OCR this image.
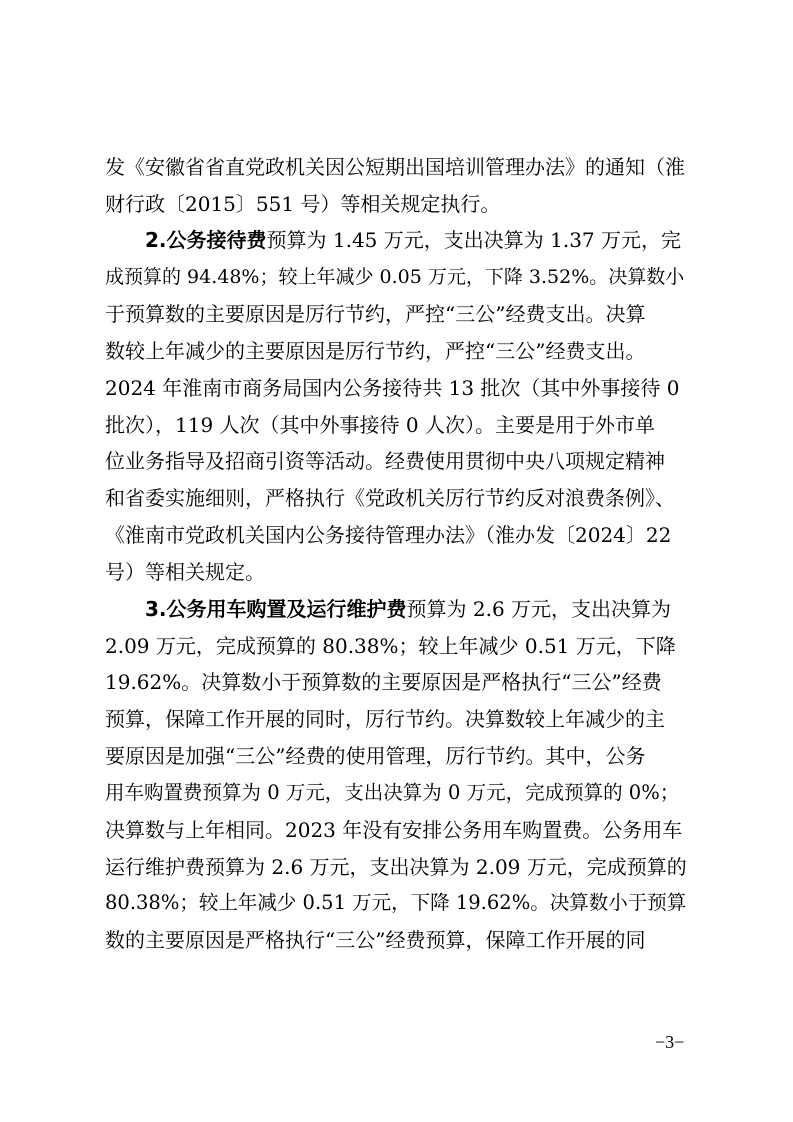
发《安徽省省直党政机关因公短期出国培训管理办法》的通知（淮
财行政〔2015〕551 号）等相关规定执行。
2.公务接待费预算为 1.45 万元，支出决算为 1.37 万元，完
成预算的 94.48%；较上年减少 0.05 万元，下降 3.52%。决算数小
于预算数的主要原因是厉行节约，严控“三公”经费支出。决算
数较上年减少的主要原因是厉行节约，严控“三公”经费支出。
2024 年淮南市商务局国内公务接待共 13 批次（其中外事接待 0
批次），119 人次（其中外事接待 0 人次）。主要是用于外市单
位业务指导及招商引资等活动。经费使用贯彻中央八项规定精神
和省委实施细则，严格执行《党政机关厉行节约反对浪费条例》、
《淮南市党政机关国内公务接待管理办法》（淮办发〔2024〕22
号）等相关规定。
3.公务用车购置及运行维护费预算为 2.6 万元，支出决算为
2.09 万元，完成预算的 80.38%；较上年减少 0.51 万元，下降
19.62%。决算数小于预算数的主要原因是严格执行“三公”经费
预算，保障工作开展的同时，厉行节约。决算数较上年减少的主
要原因是加强“三公”经费的使用管理，厉行节约。其中，公务
用车购置费预算为 0 万元，支出决算为 0 万元，完成预算的 0%；
决算数与上年相同。2023 年没有安排公务用车购置费。公务用车
运行维护费预算为 2.6 万元，支出决算为 2.09 万元，完成预算的
80.38%；较上年减少 0.51 万元，下降 19.62%。决算数小于预算
数的主要原因是严格执行“三公”经费预算，保障工作开展的同
−3−
